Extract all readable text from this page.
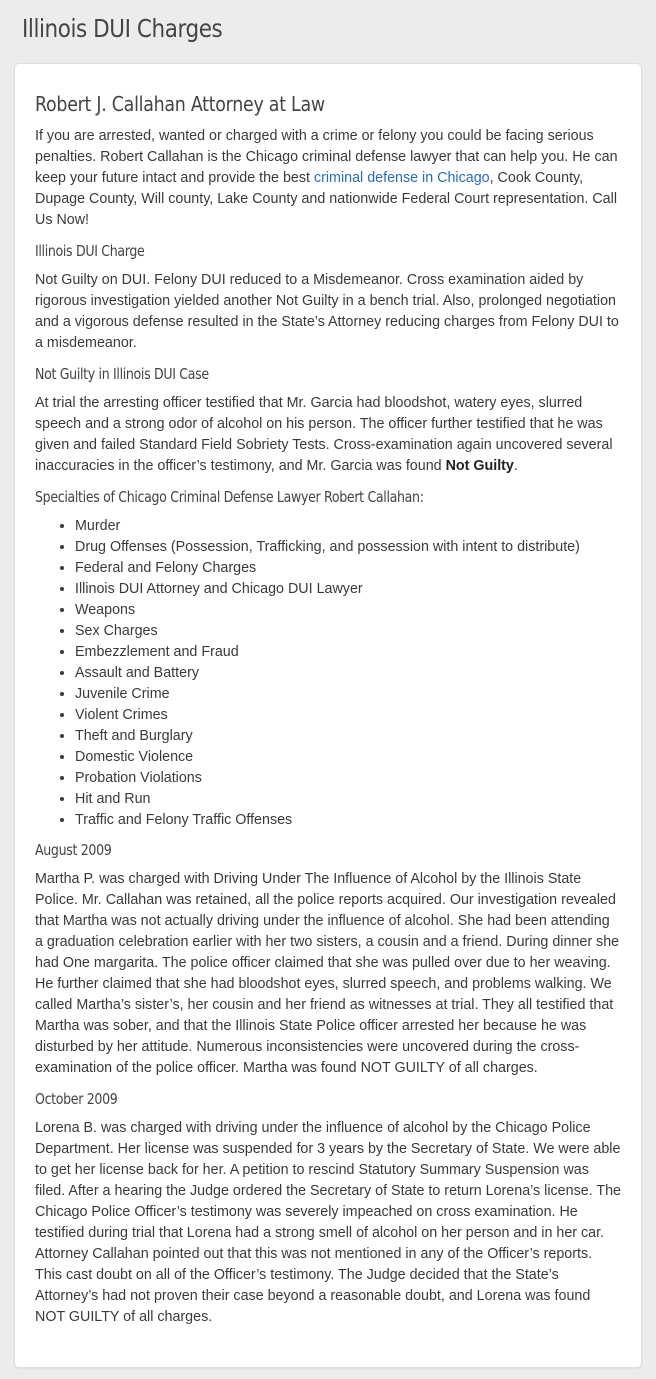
Illinois DUI Charges
Robert J. Callahan Attorney at Law

If you are arrested, wanted or charged with a crime or felony you could be facing serious penalties. Robert Callahan is the Chicago criminal defense lawyer that can help you. He can keep your future intact and provide the best criminal defense in Chicago, Cook County, Dupage County, Will county, Lake County and nationwide Federal Court representation. Call Us Now!

Illinois DUI Charge

Not Guilty on DUI. Felony DUI reduced to a Misdemeanor. Cross examination aided by rigorous investigation yielded another Not Guilty in a bench trial. Also, prolonged negotiation and a vigorous defense resulted in the State’s Attorney reducing charges from Felony DUI to a misdemeanor.

Not Guilty in Illinois DUI Case

At trial the arresting officer testified that Mr. Garcia had bloodshot, watery eyes, slurred speech and a strong odor of alcohol on his person. The officer further testified that he was given and failed Standard Field Sobriety Tests. Cross-examination again uncovered several inaccuracies in the officer’s testimony, and Mr. Garcia was found Not Guilty.

Specialties of Chicago Criminal Defense Lawyer Robert Callahan:
• Murder
• Drug Offenses (Possession, Trafficking, and possession with intent to distribute)
• Federal and Felony Charges
• Illinois DUI Attorney and Chicago DUI Lawyer
• Weapons
• Sex Charges
• Embezzlement and Fraud
• Assault and Battery
• Juvenile Crime
• Violent Crimes
• Theft and Burglary
• Domestic Violence
• Probation Violations
• Hit and Run
• Traffic and Felony Traffic Offenses
August 2009

Martha P. was charged with Driving Under The Influence of Alcohol by the Illinois State Police. Mr. Callahan was retained, all the police reports acquired. Our investigation revealed that Martha was not actually driving under the influence of alcohol. She had been attending a graduation celebration earlier with her two sisters, a cousin and a friend. During dinner she had One margarita. The police officer claimed that she was pulled over due to her weaving. He further claimed that she had bloodshot eyes, slurred speech, and problems walking. We called Martha’s sister’s, her cousin and her friend as witnesses at trial. They all testified that Martha was sober, and that the Illinois State Police officer arrested her because he was disturbed by her attitude. Numerous inconsistencies were uncovered during the cross-examination of the police officer. Martha was found NOT GUILTY of all charges.

October 2009

Lorena B. was charged with driving under the influence of alcohol by the Chicago Police Department. Her license was suspended for 3 years by the Secretary of State. We were able to get her license back for her. A petition to rescind Statutory Summary Suspension was filed. After a hearing the Judge ordered the Secretary of State to return Lorena’s license. The Chicago Police Officer’s testimony was severely impeached on cross examination. He testified during trial that Lorena had a strong smell of alcohol on her person and in her car. Attorney Callahan pointed out that this was not mentioned in any of the Officer’s reports. This cast doubt on all of the Officer’s testimony. The Judge decided that the State’s Attorney’s had not proven their case beyond a reasonable doubt, and Lorena was found NOT GUILTY of all charges.
